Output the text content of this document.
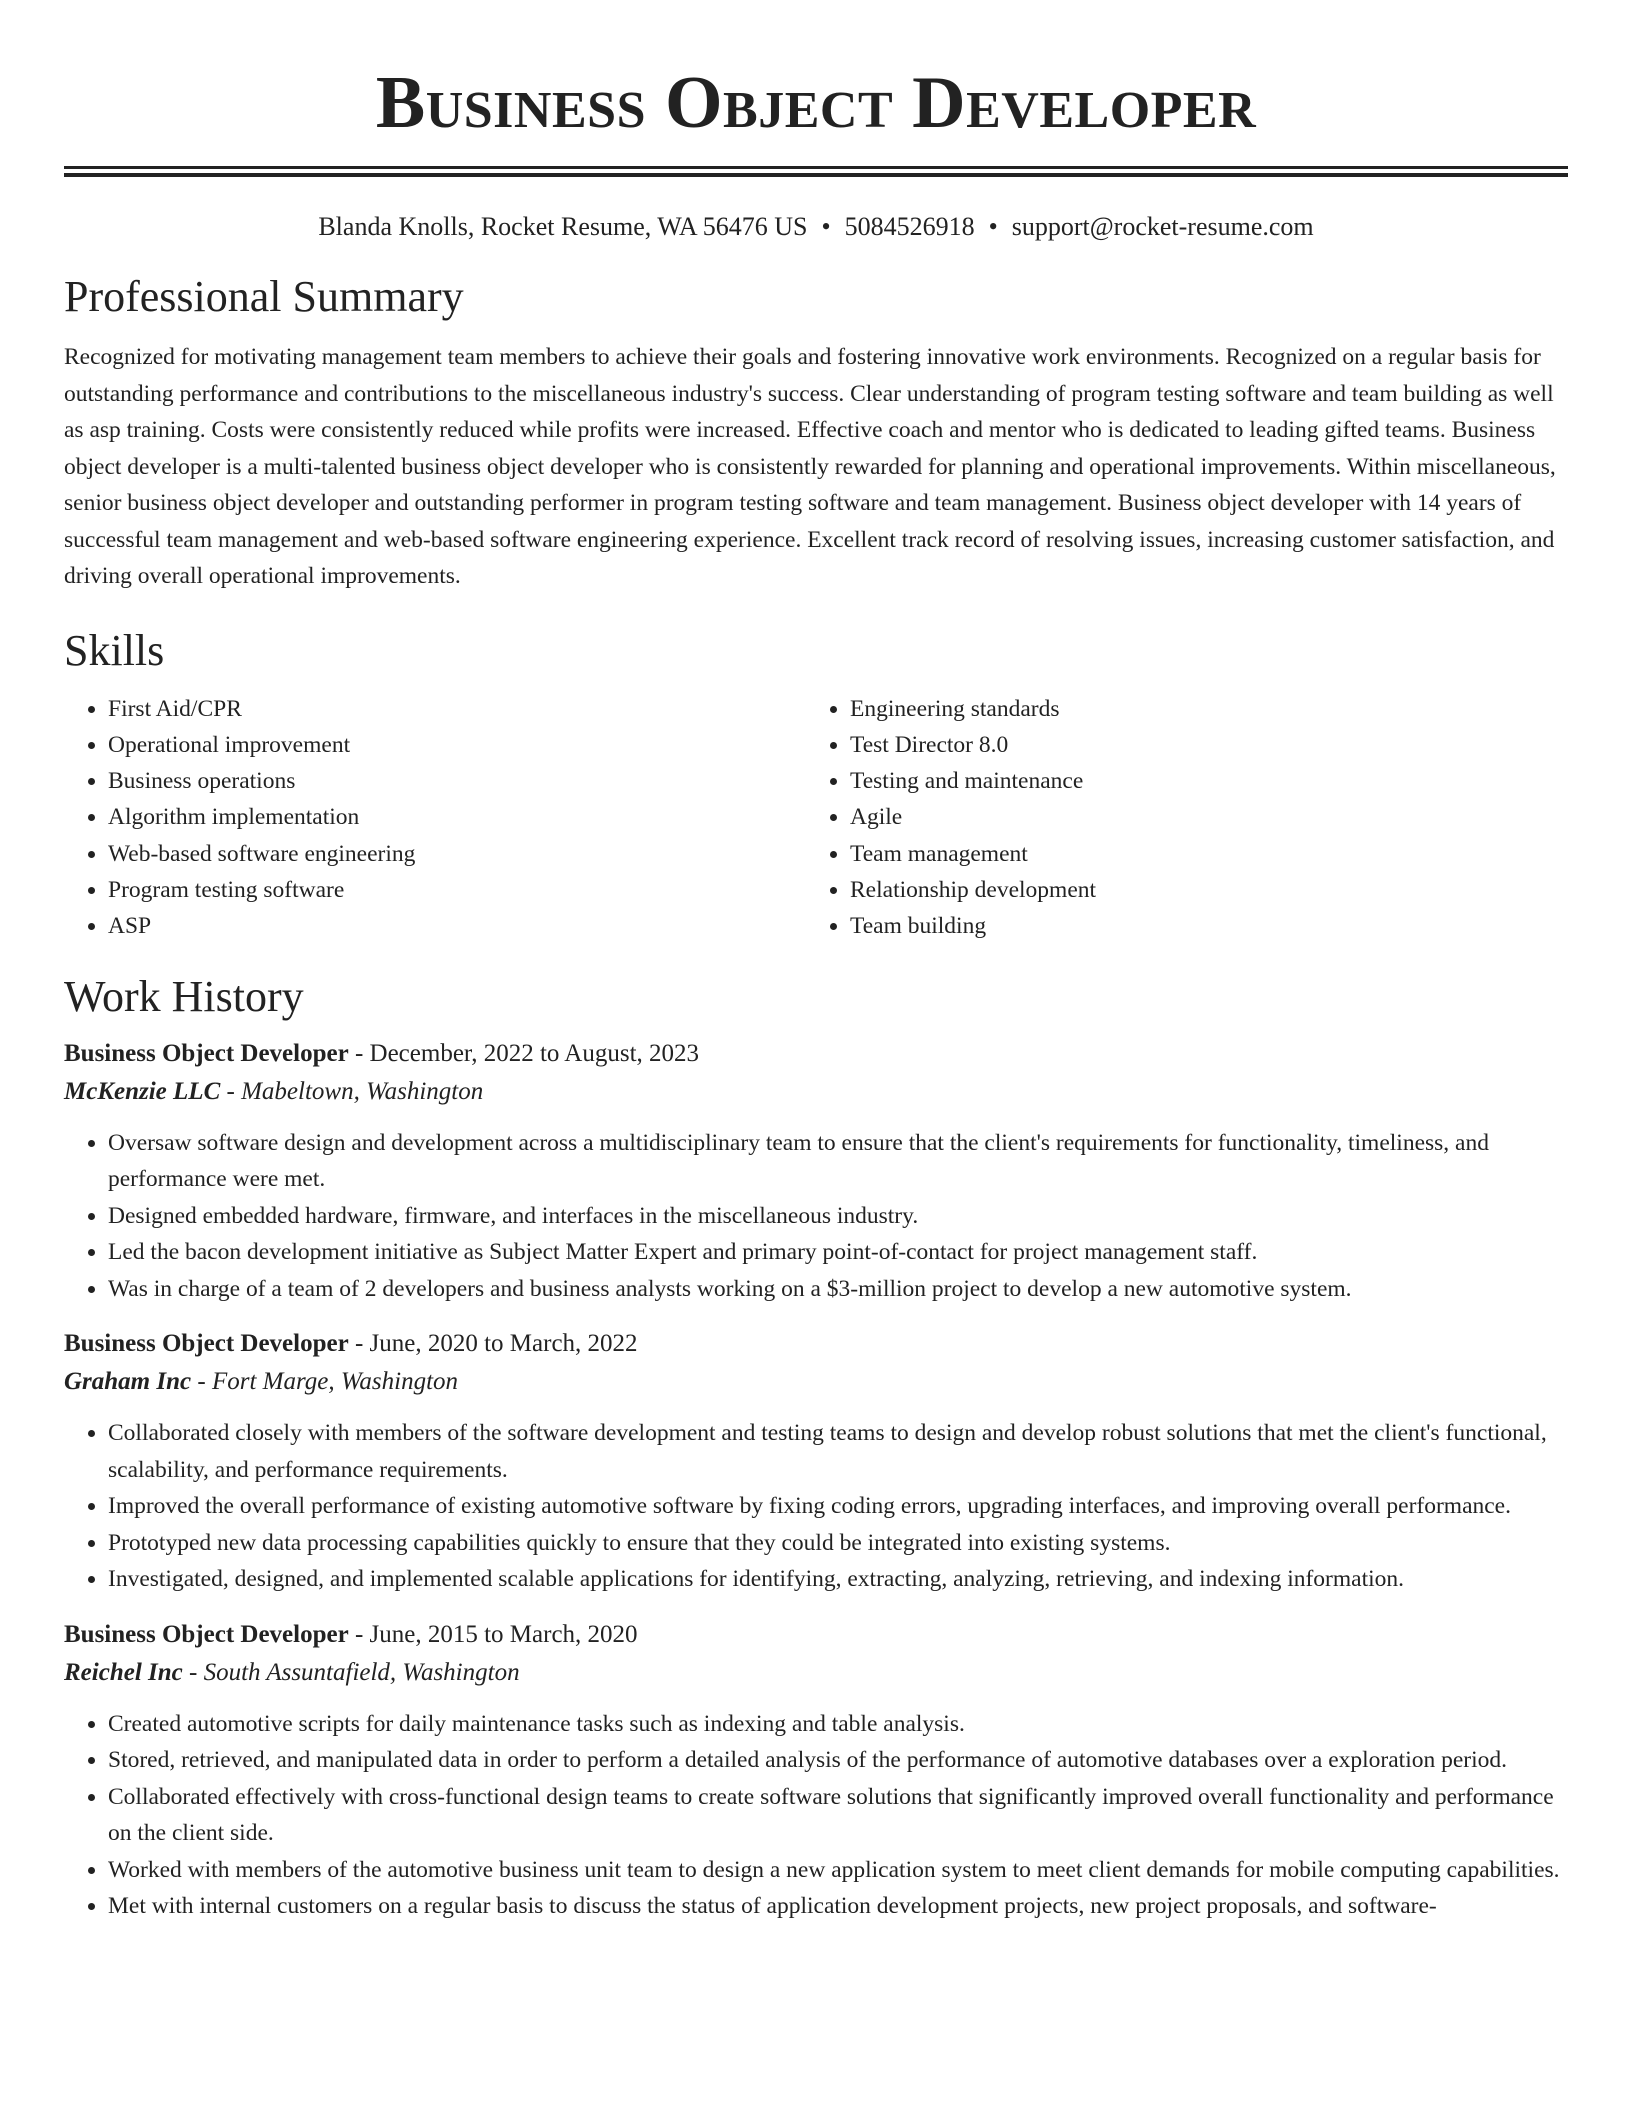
Business Object Developer
Blanda Knolls, Rocket Resume, WA 56476 US • 5084526918 • support@rocket-resume.com
Professional Summary

Recognized for motivating management team members to achieve their goals and fostering innovative work environments. Recognized on a regular basis for outstanding performance and contributions to the miscellaneous industry's success. Clear understanding of program testing software and team building as well as asp training. Costs were consistently reduced while profits were increased. Effective coach and mentor who is dedicated to leading gifted teams. Business object developer is a multi-talented business object developer who is consistently rewarded for planning and operational improvements. Within miscellaneous, senior business object developer and outstanding performer in program testing software and team management. Business object developer with 14 years of successful team management and web-based software engineering experience. Excellent track record of resolving issues, increasing customer satisfaction, and driving overall operational improvements.

Skills
• First Aid/CPR
• Operational improvement
• Business operations
• Algorithm implementation
• Web-based software engineering
• Program testing software
• ASP
• Engineering standards
• Test Director 8.0
• Testing and maintenance
• Agile
• Team management
• Relationship development
• Team building
Work History
Business Object Developer - December, 2022 to August, 2023
McKenzie LLC - Mabeltown, Washington
• Oversaw software design and development across a multidisciplinary team to ensure that the client's requirements for functionality, timeliness, and performance were met.
• Designed embedded hardware, firmware, and interfaces in the miscellaneous industry.
• Led the bacon development initiative as Subject Matter Expert and primary point-of-contact for project management staff.
• Was in charge of a team of 2 developers and business analysts working on a $3-million project to develop a new automotive system.
Business Object Developer - June, 2020 to March, 2022
Graham Inc - Fort Marge, Washington
• Collaborated closely with members of the software development and testing teams to design and develop robust solutions that met the client's functional, scalability, and performance requirements.
• Improved the overall performance of existing automotive software by fixing coding errors, upgrading interfaces, and improving overall performance.
• Prototyped new data processing capabilities quickly to ensure that they could be integrated into existing systems.
• Investigated, designed, and implemented scalable applications for identifying, extracting, analyzing, retrieving, and indexing information.
Business Object Developer - June, 2015 to March, 2020
Reichel Inc - South Assuntafield, Washington
• Created automotive scripts for daily maintenance tasks such as indexing and table analysis.
• Stored, retrieved, and manipulated data in order to perform a detailed analysis of the performance of automotive databases over a exploration period.
• Collaborated effectively with cross-functional design teams to create software solutions that significantly improved overall functionality and performance on the client side.
• Worked with members of the automotive business unit team to design a new application system to meet client demands for mobile computing capabilities.
• Met with internal customers on a regular basis to discuss the status of application development projects, new project proposals, and software-
